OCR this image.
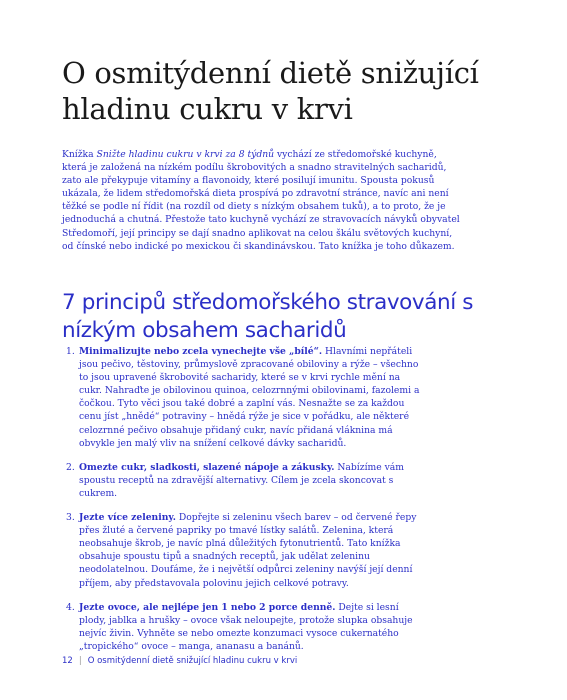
O osmitýdenní dietě snižující hladinu cukru v krvi

Knížka Snižte hladinu cukru v krvi za 8 týdnů vychází ze středomořské kuchyně, která je založená na nízkém podílu škrobovitých a snadno stravitelných sacharidů, zato ale překypuje vitamíny a flavonoidy, které posilují imunitu. Spousta pokusů ukázala, že lidem středomořská dieta prospívá po zdravotní stránce, navíc ani není těžké se podle ní řídit (na rozdíl od diety s nízkým obsahem tuků), a to proto, že je jednoduchá a chutná. Přestože tato kuchyně vychází ze stravovacích návyků obyvatel Středomoří, její principy se dají snadno aplikovat na celou škálu světových kuchyní, od čínské nebo indické po mexickou či skandinávskou. Tato knížka je toho důkazem.

7 principů středomořského stravování s nízkým obsahem sacharidů
1. Minimalizujte nebo zcela vynechejte vše „bílé“. Hlavními nepřáteli jsou pečivo, těstoviny, průmyslově zpracované obiloviny a rýže – všechno to jsou upravené škrobovité sacharidy, které se v krvi rychle mění na cukr. Nahraďte je obilovinou quinoa, celozrnnými obilovinami, fazolemi a čočkou. Tyto věci jsou také dobré a zaplní vás. Nesnažte se za každou cenu jíst „hnědé“ potraviny – hnědá rýže je sice v pořádku, ale některé celozrnné pečivo obsahuje přidaný cukr, navíc přidaná vláknina má obvykle jen malý vliv na snížení celkové dávky sacharidů.
2. Omezte cukr, sladkosti, slazené nápoje a zákusky. Nabízíme vám spoustu receptů na zdravější alternativy. Cílem je zcela skoncovat s cukrem.
3. Jezte více zeleniny. Dopřejte si zeleninu všech barev – od červené řepy přes žluté a červené papriky po tmavé lístky salátů. Zelenina, která neobsahuje škrob, je navíc plná důležitých fytonutrientů. Tato knížka obsahuje spoustu tipů a snadných receptů, jak udělat zeleninu neodolatelnou. Doufáme, že i největší odpůrci zeleniny navýší její denní příjem, aby představovala polovinu jejich celkové potravy.
4. Jezte ovoce, ale nejlépe jen 1 nebo 2 porce denně. Dejte si lesní plody, jablka a hrušky – ovoce však neloupejte, protože slupka obsahuje nejvíc živin. Vyhněte se nebo omezte konzumaci vysoce cukernatého „tropického“ ovoce – manga, ananasu a banánů.
12 | O osmitýdenní dietě snižující hladinu cukru v krvi
